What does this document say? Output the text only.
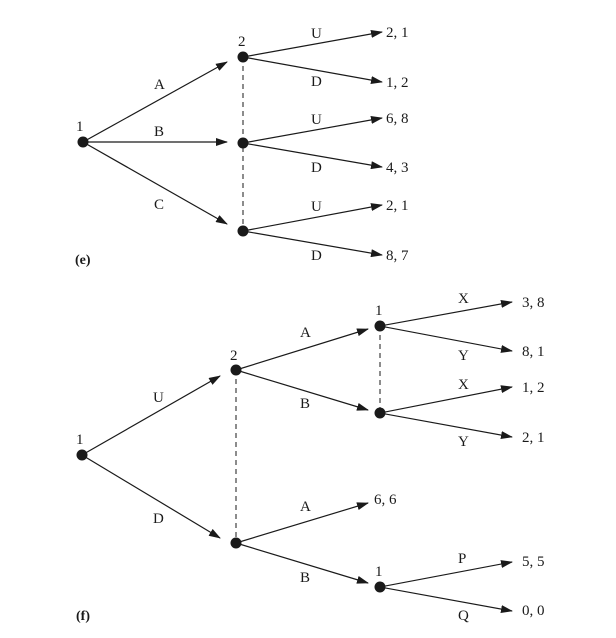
1
2
A
B
C
U
D
U
D
U
D
2, 1
1, 2
6, 8
4, 3
2, 1
8, 7
(e)
1
2
1
1
U
D
A
B
A
B
X
Y
X
Y
P
Q
3, 8
8, 1
1, 2
2, 1
6, 6
5, 5
0, 0
(f)
